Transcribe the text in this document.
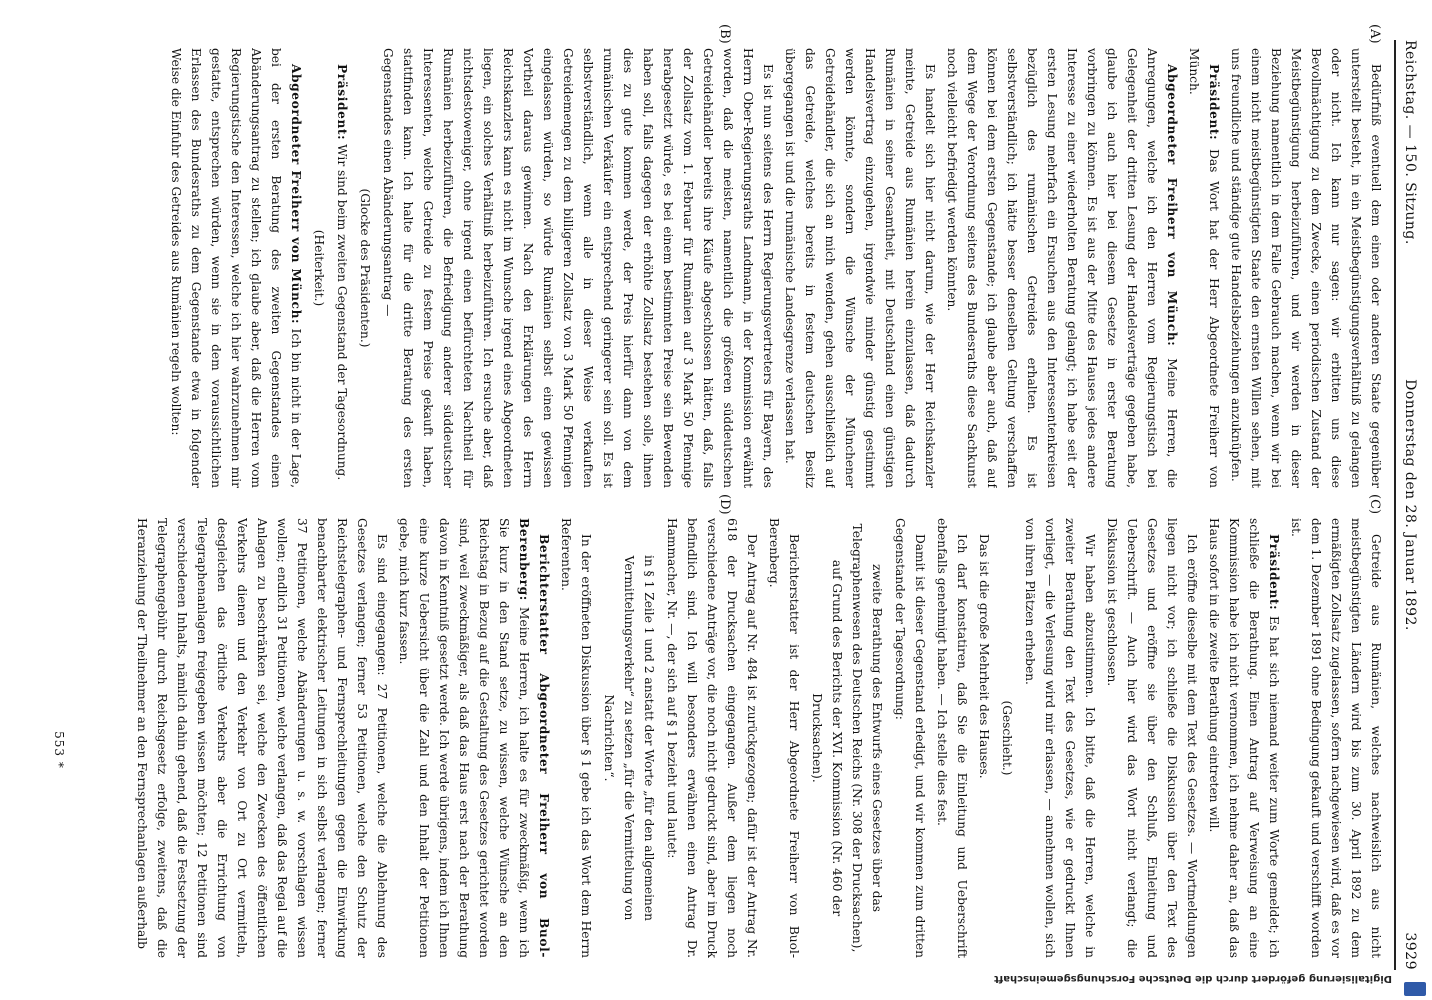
Reichstag. — 150. Sitzung.
Donnerstag den 28. Januar 1892.
3929
(A)
(B)
(C)
(D)

Bedürfniß eventuell dem einen oder anderen Staate gegenüber unterstellt besteht, in ein Meistbegünstigungsverhältniß zu gelangen oder nicht. Ich kann nur sagen: wir erbitten uns diese Bevollmächtigung zu dem Zwecke, einen periodischen Zustand der Meistbegünstigung herbeizuführen, und wir werden in dieser Beziehung namentlich in dem Falle Gebrauch machen, wenn wir bei einem nicht meistbegünstigten Staate den ernsten Willen sehen, mit uns freundliche und ständige gute Handelsbeziehungen anzuknüpfen.

Präsident: Das Wort hat der Herr Abgeordnete Freiherr von Münch.

Abgeordneter Freiherr von Münch: Meine Herren, die Anregungen, welche ich den Herren vom Regierungstisch bei Gelegenheit der dritten Lesung der Handelsverträge gegeben habe, glaube ich auch hier bei diesem Gesetze in erster Beratung vorbringen zu können. Es ist aus der Mitte des Hauses jedes andere Interesse zu einer wiederholten Beratung gelangt; ich habe seit der ersten Lesung mehrfach ein Ersuchen aus den Interessentenkreisen bezüglich des rumänischen Getreides erhalten. Es ist selbstverständlich; ich hätte besser denselben Geltung verschaffen können bei dem ersten Gegenstande; ich glaube aber auch, daß auf dem Wege der Verordnung seitens des Bundesraths diese Sachkunst noch vielleicht befriedigt werden könnten.

Es handelt sich hier nicht darum, wie der Herr Reichskanzler meinte, Getreide aus Rumänien herein einzulassen, daß dadurch Rumänien in seiner Gesamtheit, mit Deutschland einen günstigen Handelsvertrag einzugehen, irgendwie minder günstig gestimmt werden könnte, sondern die Wünsche der Münchener Getreidehändler, die sich an mich wenden, gehen ausschließlich auf das Getreide, welches bereits in festem deutschen Besitz übergegangen ist und die rumänische Landesgrenze verlassen hat.

Es ist nun seitens des Herrn Regierungsvertreters für Bayern, des Herrn Ober-Regierungsraths Landmann, in der Kommission erwähnt worden, daß die meisten, namentlich die größeren süddeutschen Getreidehändler bereits ihre Käufe abgeschlossen hätten, daß, falls der Zollsatz vom 1. Februar für Rumänien auf 3 Mark 50 Pfennige herabgesetzt würde, es bei einem bestimmten Preise sein Bewenden haben soll, falls dagegen der erhöhte Zollsatz bestehen solle, ihnen dies zu gute kommen werde, der Preis hierfür dann von dem rumänischen Verkäufer ein entsprechend geringerer sein soll. Es ist selbstverständlich, wenn alle in dieser Weise verkauften Getreidemengen zu dem billigeren Zollsatz von 3 Mark 50 Pfennigen eingelassen würden, so würde Rumänien selbst einen gewissen Vortheil daraus gewinnen. Nach den Erklärungen des Herrn Reichskanzlers kann es nicht im Wunsche irgend eines Abgeordneten liegen, ein solches Verhältniß herbeizuführen. Ich ersuche aber, daß nichtsdestoweniger, ohne irgend einen befürchteten Nachtheil für Rumänien herbeizuführen, die Befriedigung anderer süddeutscher Interessenten, welche Getreide zu festem Preise gekauft haben, stattfinden kann. Ich halte für die dritte Beratung des ersten Gegenstandes einen Abänderungsantrag —

(Glocke des Präsidenten.)

Präsident: Wir sind beim zweiten Gegenstand der Tagesordnung.

(Heiterkeit.)

Abgeordneter Freiherr von Münch: Ich bin nicht in der Lage, bei der ersten Beratung des zweiten Gegenstandes einen Abänderungsantrag zu stellen; ich glaube aber, daß die Herren vom Regierungstische den Interessen, welche ich hier wahrzunehmen mir gestatte, entsprechen würden, wenn sie in dem voraussichtlichen Erlassen des Bundesraths zu dem Gegenstande etwa in folgender Weise die Einfuhr des Getreides aus Rumänien regeln wollten:

Getreide aus Rumänien, welches nachweislich aus nicht meistbegünstigten Ländern wird bis zum 30. April 1892 zu dem ermäßigten Zollsatz zugelassen, sofern nachgewiesen wird, daß es vor dem 1. Dezember 1891 ohne Bedingung gekauft und verschifft worden ist.

Präsident: Es hat sich niemand weiter zum Worte gemeldet; ich schließe die Berathung. Einen Antrag auf Verweisung an eine Kommission habe ich nicht vernommen, ich nehme daher an, daß das Haus sofort in die zweite Berathung eintreten will.

Ich eröffne dieselbe mit dem Text des Gesetzes. — Wortmeldungen liegen nicht vor; ich schließe die Diskussion über den Text des Gesetzes und eröffne sie über den Schluß, Einleitung und Ueberschrift. — Auch hier wird das Wort nicht verlangt; die Diskussion ist geschlossen.

Wir haben abzustimmen. Ich bitte, daß die Herren, welche in zweiter Berathung den Text des Gesetzes, wie er gedruckt Ihnen vorliegt, — die Verlesung wird mir erlassen, — annehmen wollen, sich von ihren Plätzen erheben.

(Geschieht.)

Das ist die große Mehrheit des Hauses.

Ich darf konstatiren, daß Sie die Einleitung und Ueberschrift ebenfalls genehmigt haben. — Ich stelle dies fest.

Damit ist dieser Gegenstand erledigt, und wir kommen zum dritten Gegenstande der Tagesordnung:

zweite Berathung des Entwurfs eines Gesetzes über das Telegraphenwesen des Deutschen Reichs (Nr. 308 der Drucksachen), auf Grund des Berichts der XVI. Kommission (Nr. 460 der Drucksachen).

Berichterstatter ist der Herr Abgeordnete Freiherr von Buol-Berenberg.

Der Antrag auf Nr. 484 ist zurückgezogen; dafür ist der Antrag Nr. 618 der Drucksachen eingegangen. Außer dem liegen noch verschiedene Anträge vor, die noch nicht gedruckt sind, aber im Druck befindlich sind. Ich will besonders erwähnen einen Antrag Dr. Hammacher, Nr. —, der sich auf § 1 bezieht und lautet:

in § 1 Zeile 1 und 2 anstatt der Worte „für den allgemeinen Vermittelungsverkehr“ zu setzen „für die Vermittelung von Nachrichten“.

In der eröffneten Diskussion über § 1 gebe ich das Wort dem Herrn Referenten.

Berichterstatter Abgeordneter Freiherr von Buol-Berenberg: Meine Herren, ich halte es für zweckmäßig, wenn ich Sie kurz in den Stand setze, zu wissen, welche Wünsche an den Reichstag in Bezug auf die Gestaltung des Gesetzes gerichtet worden sind, weil zweckmäßiger, als daß das Haus erst nach der Berathung davon in Kenntniß gesetzt werde. Ich werde übrigens, indem ich Ihnen eine kurze Uebersicht über die Zahl und den Inhalt der Petitionen gebe, mich kurz fassen.

Es sind eingegangen: 27 Petitionen, welche die Ablehnung des Gesetzes verlangen; ferner 53 Petitionen, welche den Schutz der Reichstelegraphen- und Fernsprechleitungen gegen die Einwirkung benachbarter elektrischer Leitungen in sich selbst verlangen; ferner 37 Petitionen, welche Abänderungen u. s. w. vorschlagen wissen wollen; endlich 31 Petitionen, welche verlangen, daß das Regal auf die Anlagen zu beschränken sei, welche den Zwecken des öffentlichen Verkehrs dienen und den Verkehr von Ort zu Ort vermitteln, desgleichen das örtliche Verkehrs aber die Errichtung von Telegraphenanlagen freigegeben wissen möchten; 12 Petitionen sind verschiedenen Inhalts, nämlich dahin gehend, daß die Festsetzung der Telegraphengebühr durch Reichsgesetz erfolge, zweitens, daß die Heranziehung der Theilnehmer an den Fernsprechanlagen außerhalb

553 *
Digitalisierung gefördert durch die Deutsche Forschungsgemeinschaft
